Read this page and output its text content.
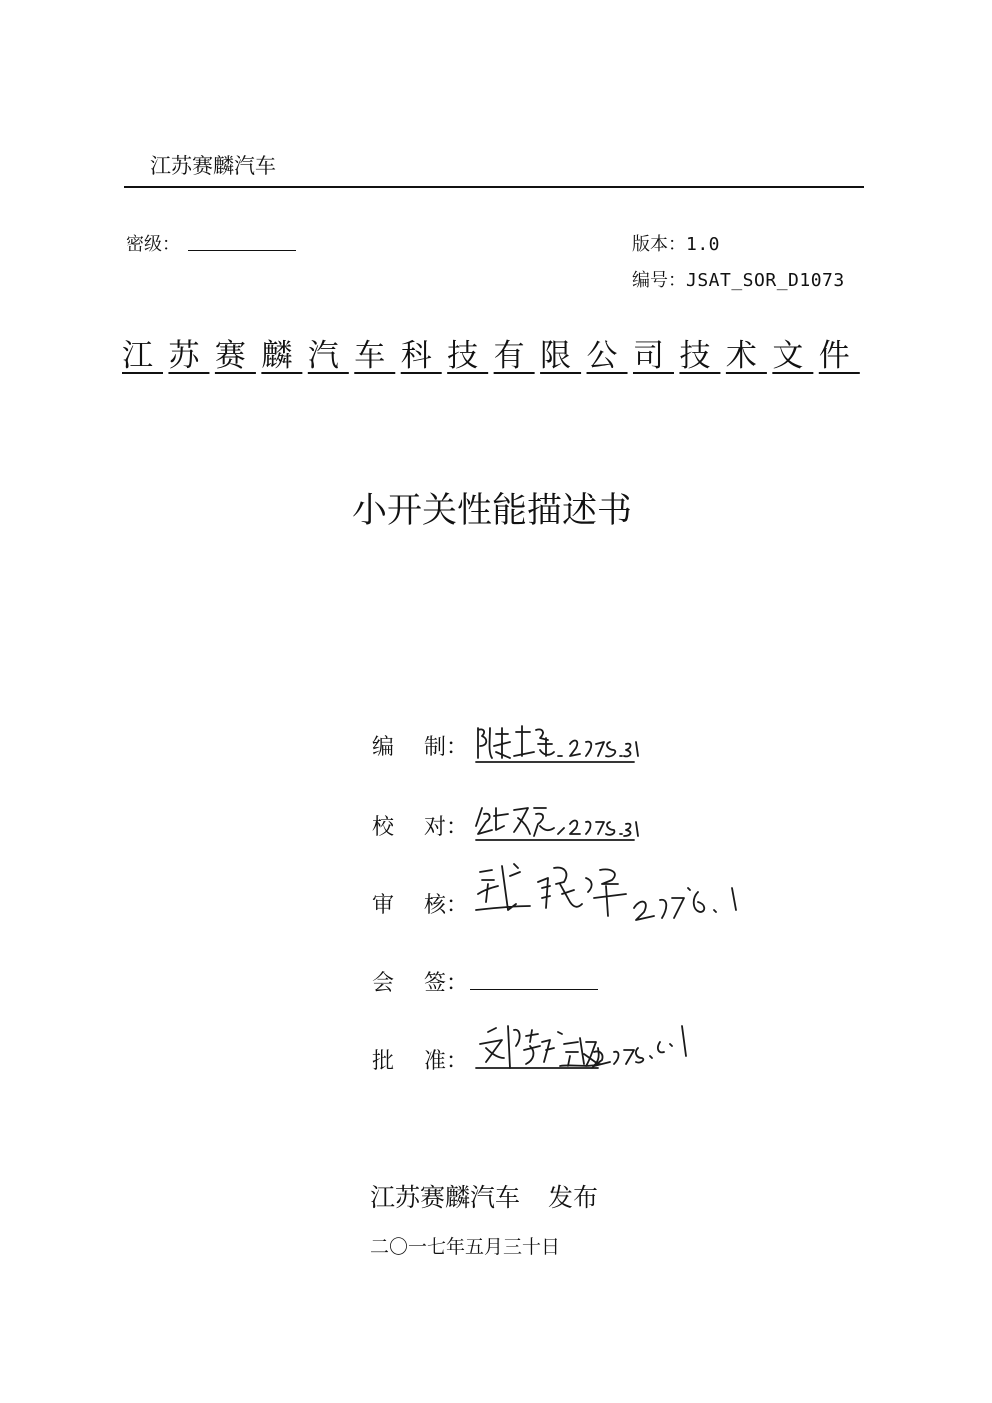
江苏赛麟汽车
密级：	版本：1.0
编号：JSAT_SOR_D1073
江 苏 赛 麟 汽 车 科 技 有 限 公 司 技 术 文 件
小开关性能描述书
编 制：
校 对：
审 核：
会 签：
批 准：
江苏赛麟汽车 发布
二〇一七年五月三十日
